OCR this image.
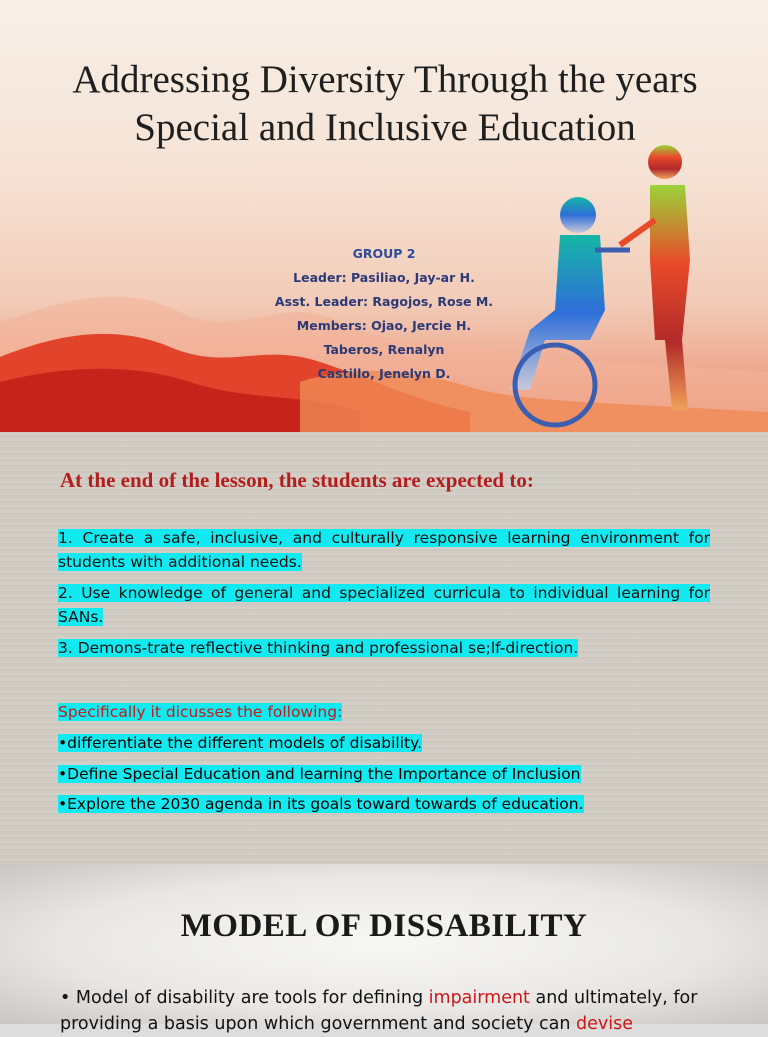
Addressing Diversity Through the years Special and Inclusive Education
GROUP 2
Leader: Pasiliao, Jay-ar H.
Asst. Leader: Ragojos, Rose M.
Members: Ojao, Jercie H.
Taberos, Renalyn
Castillo, Jenelyn D.
At the end of the lesson, the students are expected to:
1. Create a safe, inclusive, and culturally responsive learning environment for students with additional needs.
2. Use knowledge of general and specialized curricula to individual learning for SANs.
3. Demons-trate reflective thinking and professional se;lf-direction.
Specifically it dicusses the following:
•differentiate the different models of disability.
•Define Special Education and learning the Importance of Inclusion
•Explore the 2030 agenda in its goals toward towards of education.
MODEL OF DISSABILITY
• Model of disability are tools for defining impairment and ultimately, for providing a basis upon which government and society can devise
